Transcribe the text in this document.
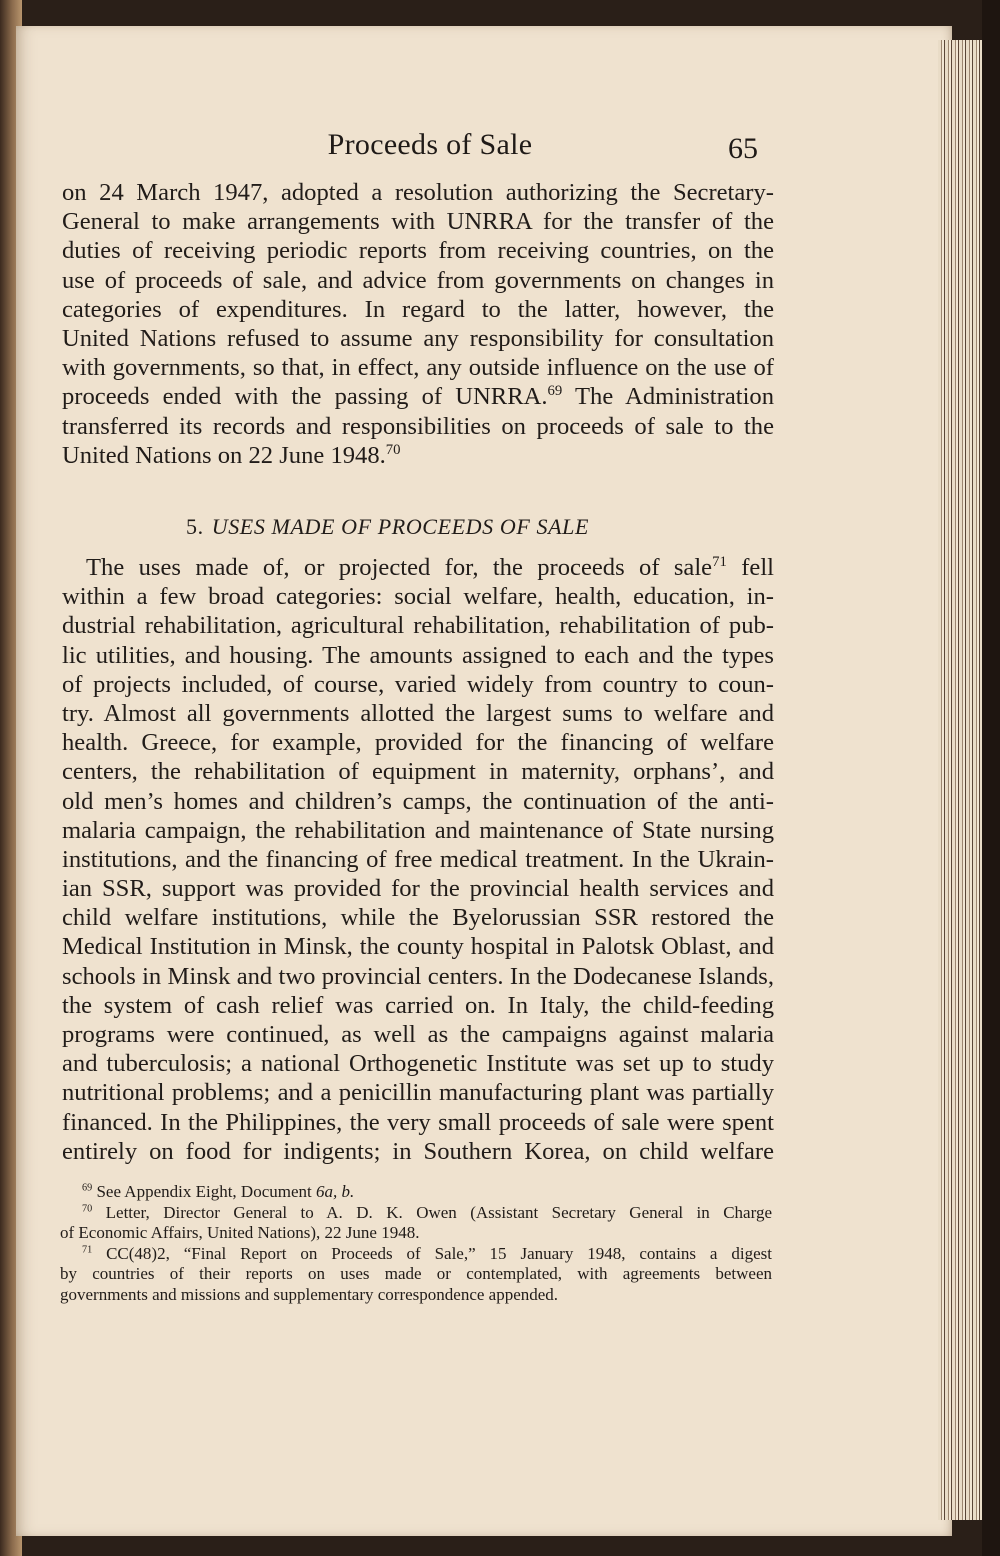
Proceeds of Sale	65
on 24 March 1947, adopted a resolution authorizing the Secretary-
General to make arrangements with UNRRA for the transfer of the
duties of receiving periodic reports from receiving countries, on the
use of proceeds of sale, and advice from governments on changes in
categories of expenditures. In regard to the latter, however, the
United Nations refused to assume any responsibility for consultation
with governments, so that, in effect, any outside influence on the use of
proceeds ended with the passing of UNRRA.$^{69}$ The Administration
transferred its records and responsibilities on proceeds of sale to the
United Nations on 22 June 1948.70
5. USES MADE OF PROCEEDS OF SALE
The uses made of, or projected for, the proceeds of sale$^{71}$ fell
within a few broad categories: social welfare, health, education, in-
dustrial rehabilitation, agricultural rehabilitation, rehabilitation of pub-
lic utilities, and housing. The amounts assigned to each and the types
of projects included, of course, varied widely from country to coun-
try. Almost all governments allotted the largest sums to welfare and
health. Greece, for example, provided for the financing of welfare
centers, the rehabilitation of equipment in maternity, orphans’, and
old men’s homes and children’s camps, the continuation of the anti-
malaria campaign, the rehabilitation and maintenance of State nursing
institutions, and the financing of free medical treatment. In the Ukrain-
ian SSR, support was provided for the provincial health services and
child welfare institutions, while the Byelorussian SSR restored the
Medical Institution in Minsk, the county hospital in Palotsk Oblast, and
schools in Minsk and two provincial centers. In the Dodecanese Islands,
the system of cash relief was carried on. In Italy, the child-feeding
programs were continued, as well as the campaigns against malaria
and tuberculosis; a national Orthogenetic Institute was set up to study
nutritional problems; and a penicillin manufacturing plant was partially
financed. In the Philippines, the very small proceeds of sale were spent
entirely on food for indigents; in Southern Korea, on child welfare
$^{69}$ See Appendix Eight, Document 6a, b.
$^{70}$ Letter, Director General to A. D. K. Owen (Assistant Secretary General in Charge
of Economic Affairs, United Nations), 22 June 1948.
$^{71}$ CC(48)2, “Final Report on Proceeds of Sale,” 15 January 1948, contains a digest
by countries of their reports on uses made or contemplated, with agreements between
governments and missions and supplementary correspondence appended.
